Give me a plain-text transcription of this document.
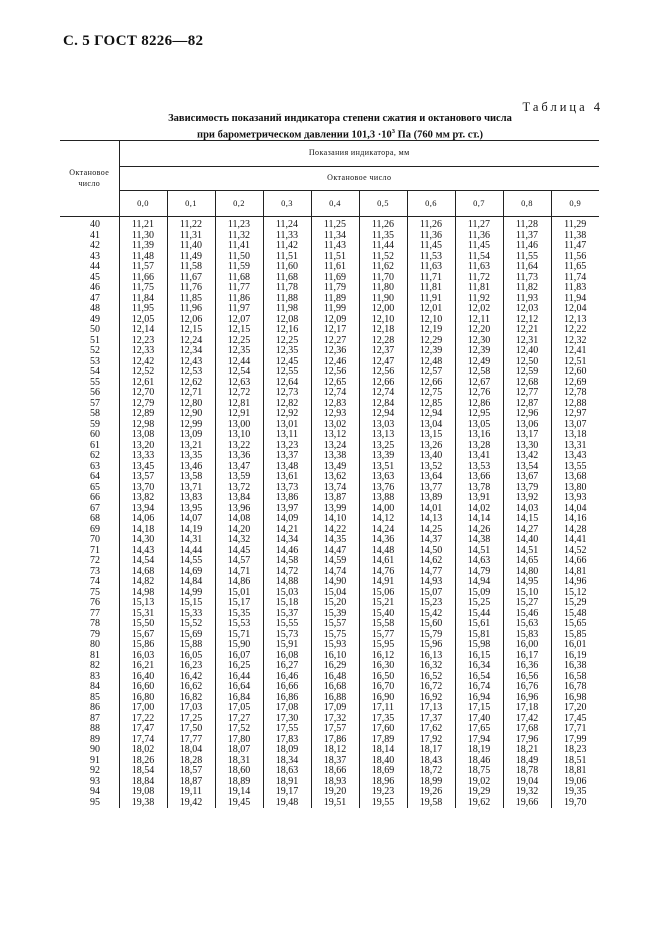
С. 5 ГОСТ 8226—82
Таблица 4
Зависимость показаний индикатора степени сжатия и октанового числа
при барометрическом давлении $101,3 \cdot 10^3$ Па (760 мм рт. ст.)
Октановое число	Показания индикатора, мм									
	Октановое число									
	0,0	0,1	0,2	0,3	0,4	0,5	0,6	0,7	0,8	0,9
40	11,21	11,22	11,23	11,24	11,25	11,26	11,26	11,27	11,28	11,29
41	11,30	11,31	11,32	11,33	11,34	11,35	11,36	11,36	11,37	11,38
42	11,39	11,40	11,41	11,42	11,43	11,44	11,45	11,45	11,46	11,47
43	11,48	11,49	11,50	11,51	11,51	11,52	11,53	11,54	11,55	11,56
44	11,57	11,58	11,59	11,60	11,61	11,62	11,63	11,63	11,64	11,65
45	11,66	11,67	11,68	11,68	11,69	11,70	11,71	11,72	11,73	11,74
46	11,75	11,76	11,77	11,78	11,79	11,80	11,81	11,81	11,82	11,83
47	11,84	11,85	11,86	11,88	11,89	11,90	11,91	11,92	11,93	11,94
48	11,95	11,96	11,97	11,98	11,99	12,00	12,01	12,02	12,03	12,04
49	12,05	12,06	12,07	12,08	12,09	12,10	12,10	12,11	12,12	12,13
50	12,14	12,15	12,15	12,16	12,17	12,18	12,19	12,20	12,21	12,22
51	12,23	12,24	12,25	12,25	12,27	12,28	12,29	12,30	12,31	12,32
52	12,33	12,34	12,35	12,35	12,36	12,37	12,39	12,39	12,40	12,41
53	12,42	12,43	12,44	12,45	12,46	12,47	12,48	12,49	12,50	12,51
54	12,52	12,53	12,54	12,55	12,56	12,56	12,57	12,58	12,59	12,60
55	12,61	12,62	12,63	12,64	12,65	12,66	12,66	12,67	12,68	12,69
56	12,70	12,71	12,72	12,73	12,74	12,74	12,75	12,76	12,77	12,78
57	12,79	12,80	12,81	12,82	12,83	12,84	12,85	12,86	12,87	12,88
58	12,89	12,90	12,91	12,92	12,93	12,94	12,94	12,95	12,96	12,97
59	12,98	12,99	13,00	13,01	13,02	13,03	13,04	13,05	13,06	13,07
60	13,08	13,09	13,10	13,11	13,12	13,13	13,15	13,16	13,17	13,18
61	13,20	13,21	13,22	13,23	13,24	13,25	13,26	13,28	13,30	13,31
62	13,33	13,35	13,36	13,37	13,38	13,39	13,40	13,41	13,42	13,43
63	13,45	13,46	13,47	13,48	13,49	13,51	13,52	13,53	13,54	13,55
64	13,57	13,58	13,59	13,61	13,62	13,63	13,64	13,66	13,67	13,68
65	13,70	13,71	13,72	13,73	13,74	13,76	13,77	13,78	13,79	13,80
66	13,82	13,83	13,84	13,86	13,87	13,88	13,89	13,91	13,92	13,93
67	13,94	13,95	13,96	13,97	13,99	14,00	14,01	14,02	14,03	14,04
68	14,06	14,07	14,08	14,09	14,10	14,12	14,13	14,14	14,15	14,16
69	14,18	14,19	14,20	14,21	14,22	14,24	14,25	14,26	14,27	14,28
70	14,30	14,31	14,32	14,34	14,35	14,36	14,37	14,38	14,40	14,41
71	14,43	14,44	14,45	14,46	14,47	14,48	14,50	14,51	14,51	14,52
72	14,54	14,55	14,57	14,58	14,59	14,61	14,62	14,63	14,65	14,66
73	14,68	14,69	14,71	14,72	14,74	14,76	14,77	14,79	14,80	14,81
74	14,82	14,84	14,86	14,88	14,90	14,91	14,93	14,94	14,95	14,96
75	14,98	14,99	15,01	15,03	15,04	15,06	15,07	15,09	15,10	15,12
76	15,13	15,15	15,17	15,18	15,20	15,21	15,23	15,25	15,27	15,29
77	15,31	15,33	15,35	15,37	15,39	15,40	15,42	15,44	15,46	15,48
78	15,50	15,52	15,53	15,55	15,57	15,58	15,60	15,61	15,63	15,65
79	15,67	15,69	15,71	15,73	15,75	15,77	15,79	15,81	15,83	15,85
80	15,86	15,88	15,90	15,91	15,93	15,95	15,96	15,98	16,00	16,01
81	16,03	16,05	16,07	16,08	16,10	16,12	16,13	16,15	16,17	16,19
82	16,21	16,23	16,25	16,27	16,29	16,30	16,32	16,34	16,36	16,38
83	16,40	16,42	16,44	16,46	16,48	16,50	16,52	16,54	16,56	16,58
84	16,60	16,62	16,64	16,66	16,68	16,70	16,72	16,74	16,76	16,78
85	16,80	16,82	16,84	16,86	16,88	16,90	16,92	16,94	16,96	16,98
86	17,00	17,03	17,05	17,08	17,09	17,11	17,13	17,15	17,18	17,20
87	17,22	17,25	17,27	17,30	17,32	17,35	17,37	17,40	17,42	17,45
88	17,47	17,50	17,52	17,55	17,57	17,60	17,62	17,65	17,68	17,71
89	17,74	17,77	17,80	17,83	17,86	17,89	17,92	17,94	17,96	17,99
90	18,02	18,04	18,07	18,09	18,12	18,14	18,17	18,19	18,21	18,23
91	18,26	18,28	18,31	18,34	18,37	18,40	18,43	18,46	18,49	18,51
92	18,54	18,57	18,60	18,63	18,66	18,69	18,72	18,75	18,78	18,81
93	18,84	18,87	18,89	18,91	18,93	18,96	18,99	19,02	19,04	19,06
94	19,08	19,11	19,14	19,17	19,20	19,23	19,26	19,29	19,32	19,35
95	19,38	19,42	19,45	19,48	19,51	19,55	19,58	19,62	19,66	19,70
